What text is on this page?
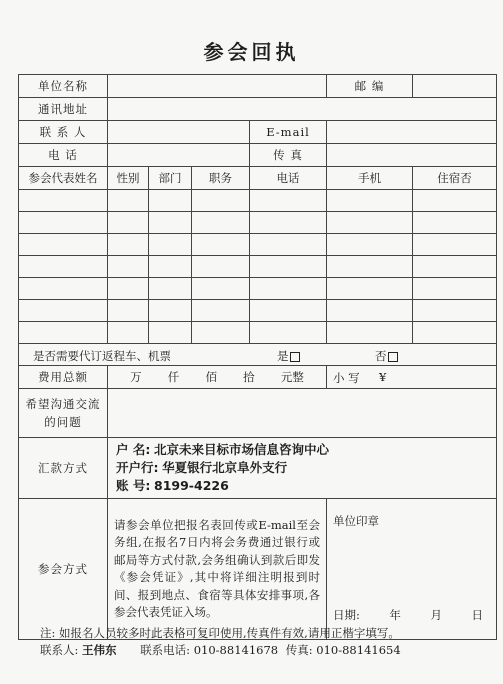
参会回执
单位名称					邮 编	
通讯地址						
联 系 人				E-mail		
电 话				传 真		
参会代表姓名	性别	部门	职务	电话	手机	住宿否

是否需要代订返程车、机票 是 否						

费用总额	万 仟 佰 拾 元整				小 写 ¥	

希望沟通交流的问题						
汇款方式	户 名: 北京未来目标市场信息咨询中心
开户行: 华夏银行北京阜外支行
账 号: 8199-4226					

参会方式	请参会单位把报名表回传或E-mail至会务组,在报名7日内将会务费通过银行或邮局等方式付款,会务组确认到款后即发《参会凭证》,其中将详细注明报到时间、报到地点、食宿等具体安排事项,各参会代表凭证入场。				单位印章
日期: 年 月 日	
注: 如报名人员较多时此表格可复印使用,传真件有效,请用正楷字填写。
联系人: 王伟东 联系电话: 010-88141678 传真: 010-88141654
